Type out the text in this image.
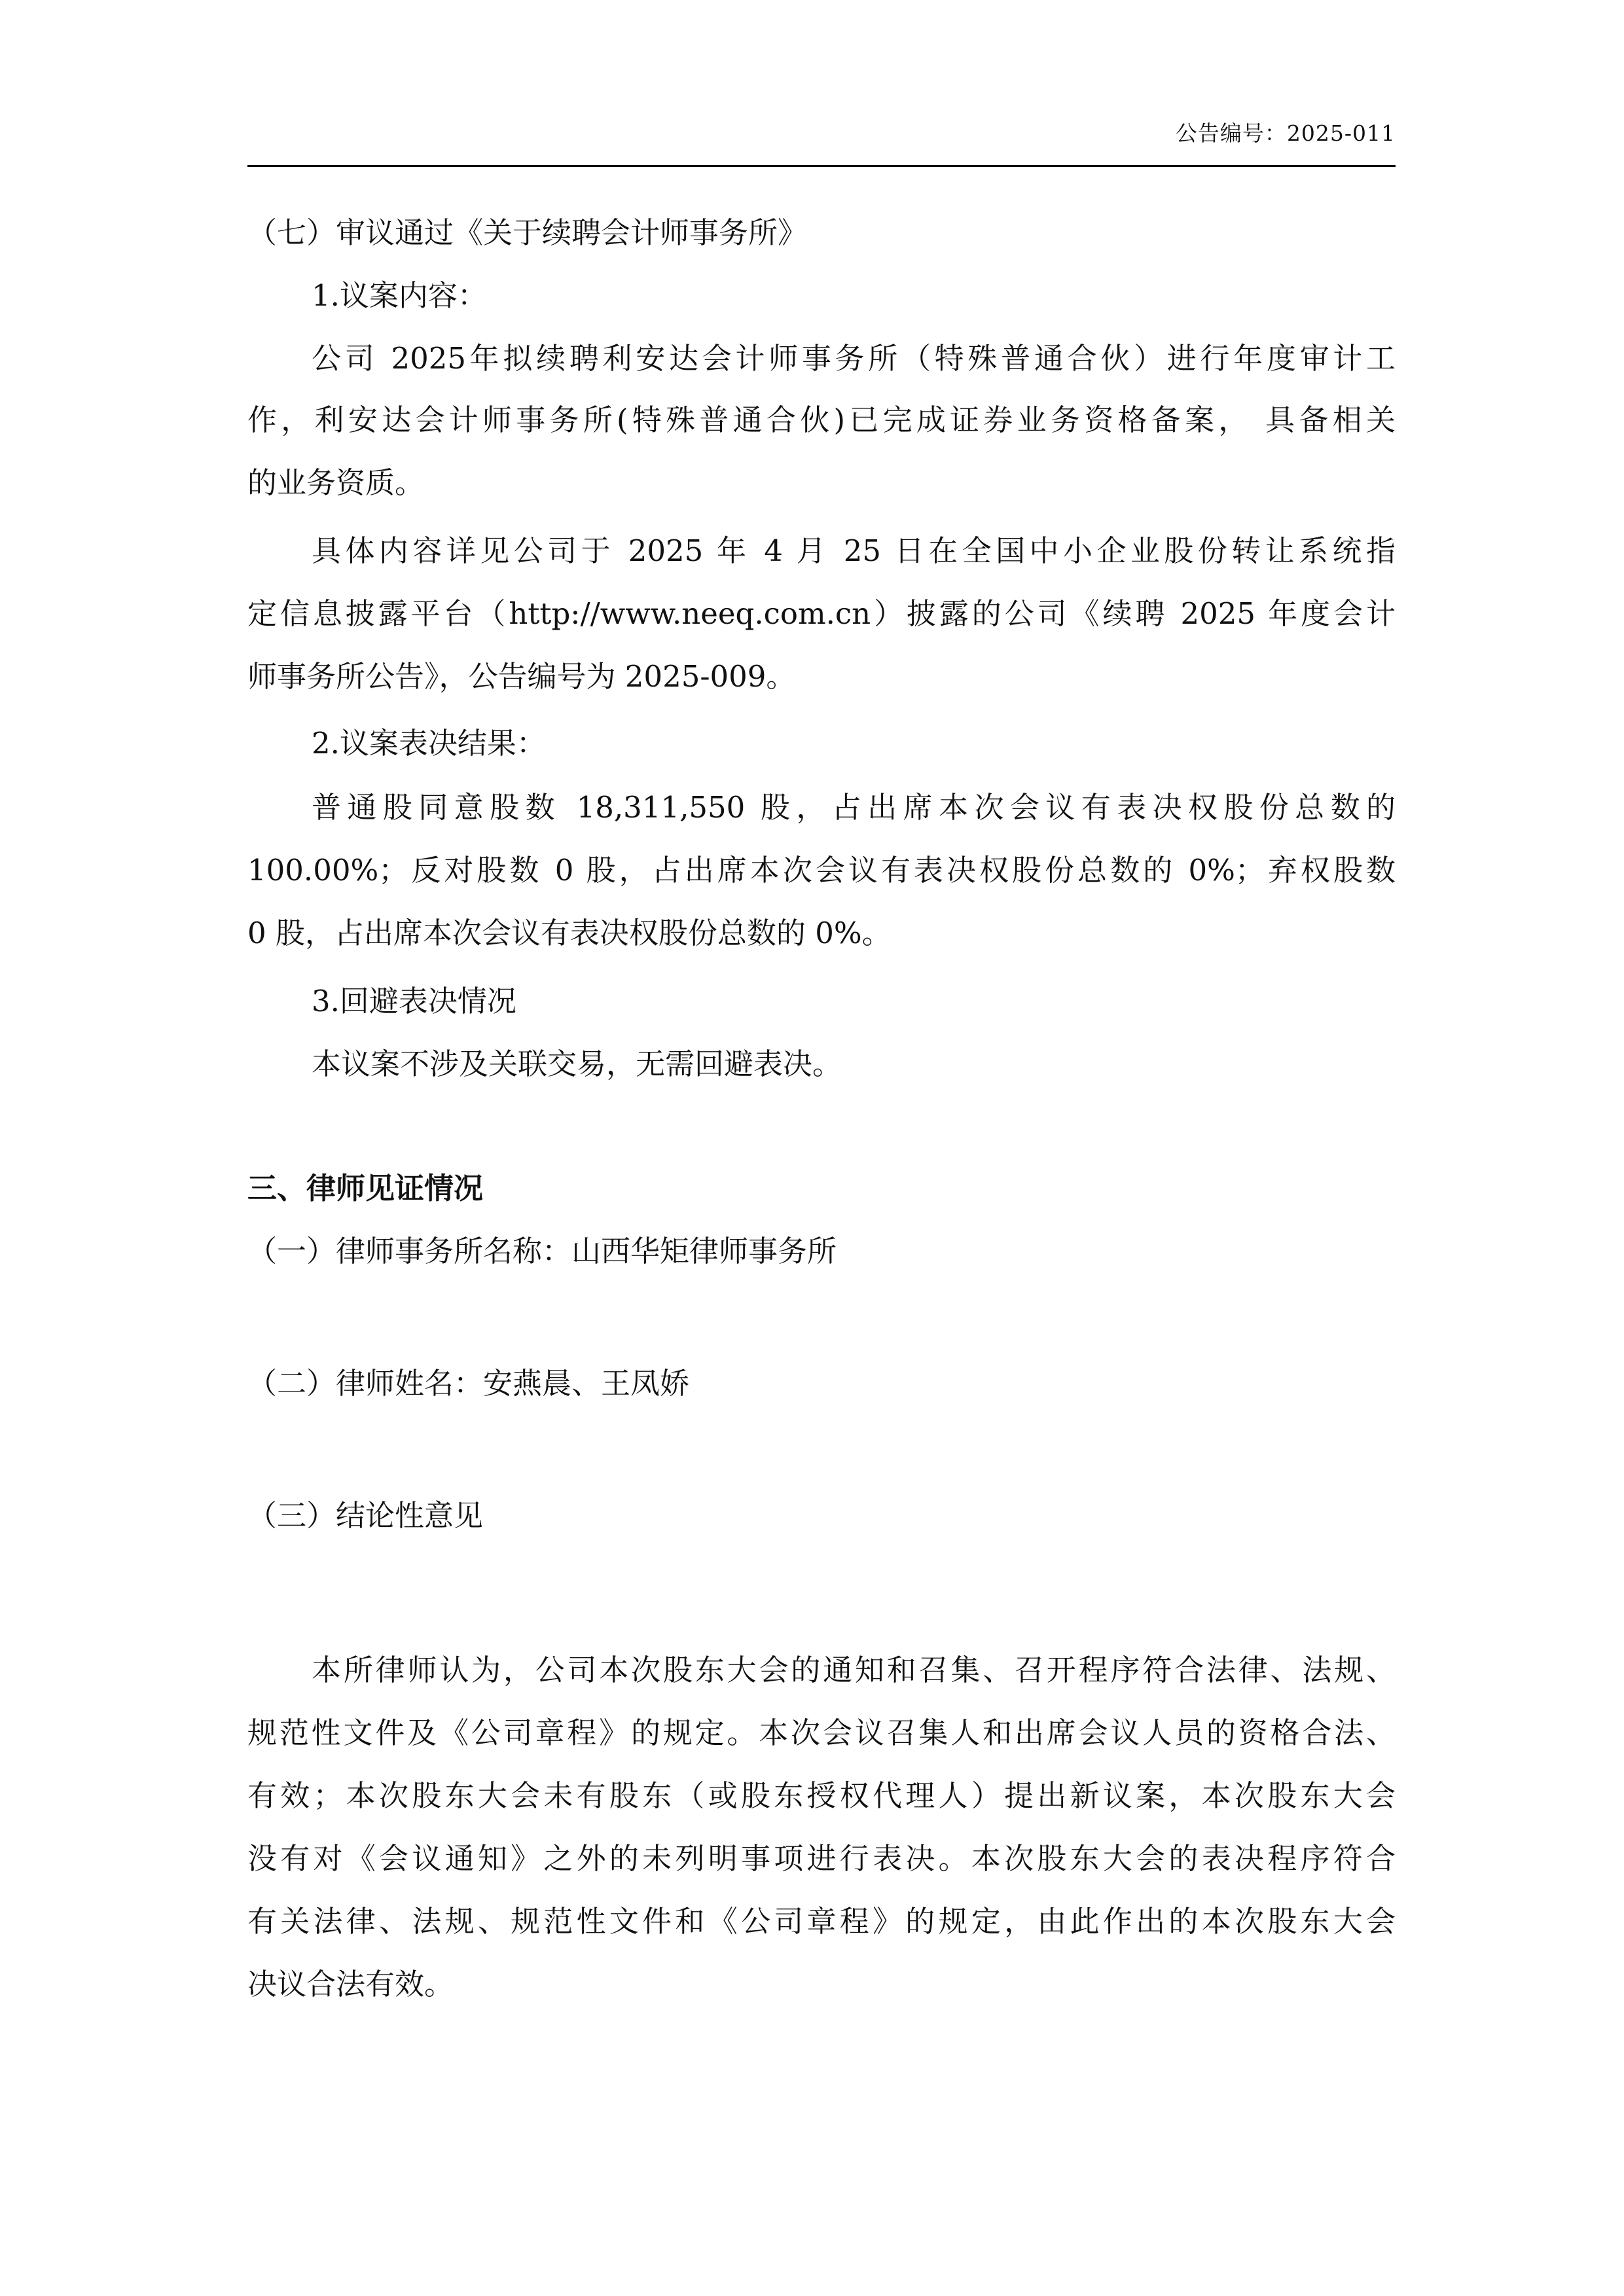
公告编号：2025-011
（七）审议通过《关于续聘会计师事务所》
1.议案内容：
公司 2025年拟续聘利安达会计师事务所（特殊普通合伙）进行年度审计工
作，利安达会计师事务所(特殊普通合伙)已完成证券业务资格备案， 具备相关
的业务资质。
具体内容详见公司于 2025 年 4 月 25 日在全国中小企业股份转让系统指
定信息披露平台（http://www.neeq.com.cn）披露的公司《续聘 2025 年度会计
师事务所公告》，公告编号为 2025-009。
2.议案表决结果：
普通股同意股数 18,311,550 股，占出席本次会议有表决权股份总数的
100.00%；反对股数 0 股，占出席本次会议有表决权股份总数的 0%；弃权股数
0 股，占出席本次会议有表决权股份总数的 0%。
3.回避表决情况
本议案不涉及关联交易，无需回避表决。
三、律师见证情况
（一）律师事务所名称：山西华矩律师事务所
（二）律师姓名：安燕晨、王凤娇
（三）结论性意见
本所律师认为，公司本次股东大会的通知和召集、召开程序符合法律、法规、
规范性文件及《公司章程》的规定。本次会议召集人和出席会议人员的资格合法、
有效；本次股东大会未有股东（或股东授权代理人）提出新议案，本次股东大会
没有对《会议通知》之外的未列明事项进行表决。本次股东大会的表决程序符合
有关法律、法规、规范性文件和《公司章程》的规定，由此作出的本次股东大会
决议合法有效。
